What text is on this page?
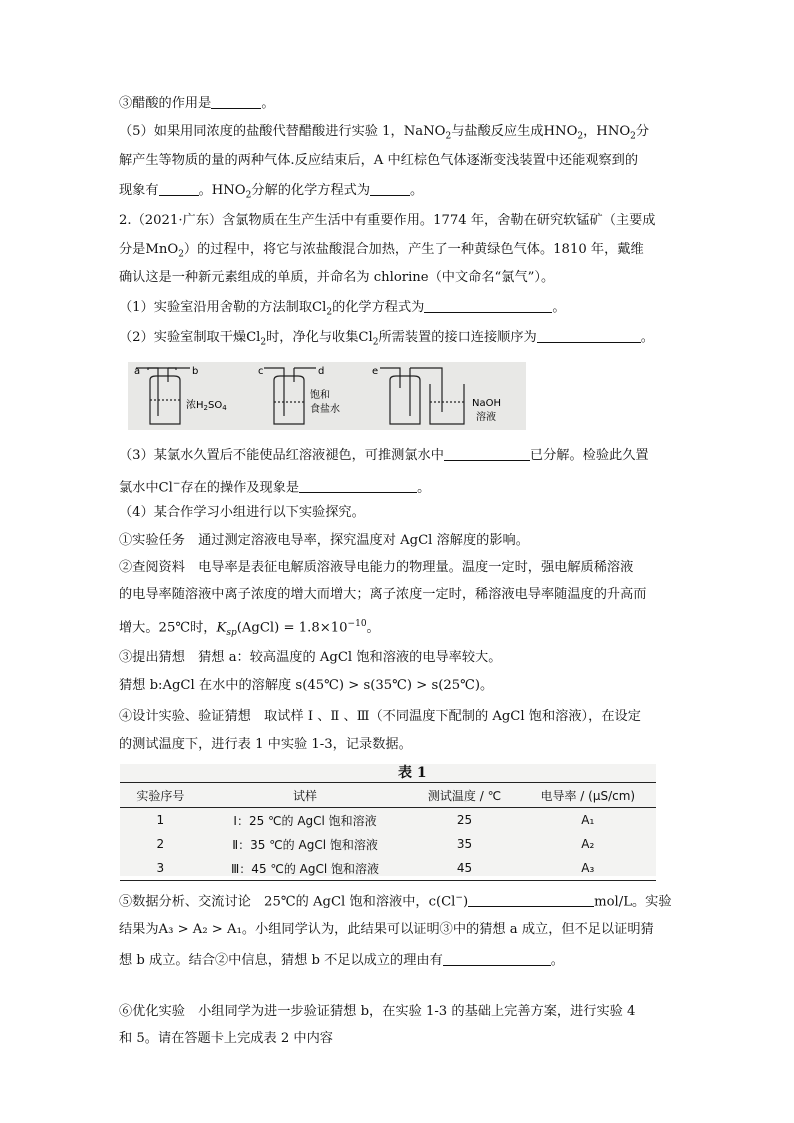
③醋酸的作用是	。
（5）如果用同浓度的盐酸代替醋酸进行实验 1，NaNO$_2$与盐酸反应生成$HNO_2$，$HNO_2$分
解产生等物质的量的两种气体.反应结束后，A 中红棕色气体逐渐变浅装置中还能观察到的
现象有	。$HNO_2$分解的化学方程式为	。
2.（2021·广东）含氯物质在生产生活中有重要作用。1774 年，舍勒在研究软锰矿（主要成
分是MnO$_2$）的过程中，将它与浓盐酸混合加热，产生了一种黄绿色气体。1810 年，戴维
确认这是一种新元素组成的单质，并命名为 chlorine（中文命名“氯气”）。
（1）实验室沿用舍勒的方法制取$Cl_2$的化学方程式为	。
（2）实验室制取干燥$Cl_2$时，净化与收集$Cl_2$所需装置的接口连接顺序为	。
a	b	c	d	e
浓$H_2SO_4$
饱和
食盐水
NaOH
溶液
（3）某氯水久置后不能使品红溶液褪色，可推测氯水中	已分解。检验此久置
氯水中Cl−存在的操作及现象是	。
（4）某合作学习小组进行以下实验探究。
①实验任务　通过测定溶液电导率，探究温度对 AgCl 溶解度的影响。
②查阅资料　电导率是表征电解质溶液导电能力的物理量。温度一定时，强电解质稀溶液
的电导率随溶液中离子浓度的增大而增大；离子浓度一定时，稀溶液电导率随温度的升高而
增大。25℃时，$K_{sp}(AgCl) = 1.8\times 10^{-10}$。
③提出猜想　猜想 a：较高温度的 AgCl 饱和溶液的电导率较大。
猜想 b:AgCl 在水中的溶解度 s(45℃) > s(35℃) > s(25℃)。
④设计实验、验证猜想　取试样 Ⅰ 、Ⅱ 、Ⅲ（不同温度下配制的 AgCl 饱和溶液），在设定
的测试温度下，进行表 1 中实验 1-3，记录数据。
表 1
实验序号	试样	测试温度 / ℃	电导率 / (μS/cm)
1	Ⅰ：25 ℃的 AgCl 饱和溶液	25	A₁
2	Ⅱ：35 ℃的 AgCl 饱和溶液	35	A₂
3	Ⅲ：45 ℃的 AgCl 饱和溶液	45	A₃
⑤数据分析、交流讨论　25℃的 AgCl 饱和溶液中，c(Cl−)	mol/L。实验
结果为A₃ > A₂ > A₁。小组同学认为，此结果可以证明③中的猜想 a 成立，但不足以证明猜
想 b 成立。结合②中信息，猜想 b 不足以成立的理由有	。
⑥优化实验　小组同学为进一步验证猜想 b，在实验 1-3 的基础上完善方案，进行实验 4
和 5。请在答题卡上完成表 2 中内容
